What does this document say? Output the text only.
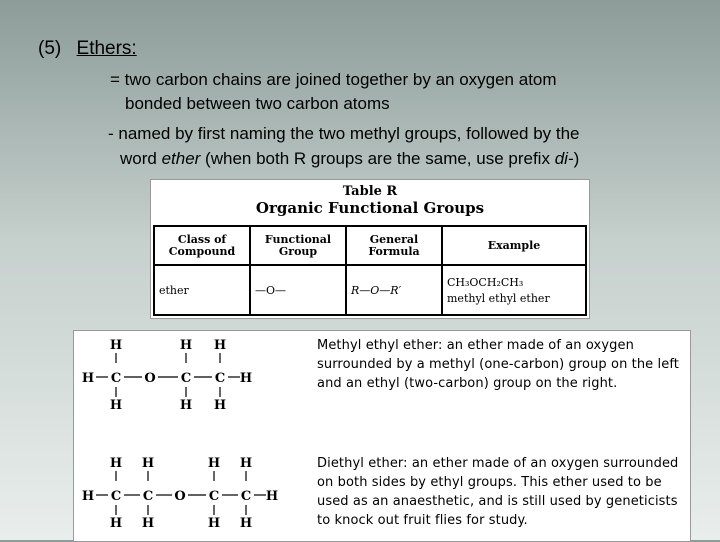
(5) Ethers:
= two carbon chains are joined together by an oxygen atom
bonded between two carbon atoms
- named by first naming the two methyl groups, followed by the
word ether (when both R groups are the same, use prefix di-)
Table R
Organic Functional Groups
Class of Compound	Functional Group	General Formula	Example
ether	—O—	R—O—R′	CH₃OCH₂CH₃
methyl ethyl ether
H
H
C
H
O
H
C
H
H
C
H
H
H
H
C
H
H
C
H
O
H
C
H
H
C
H
H
Methyl ethyl ether: an ether made of an oxygen surrounded by a methyl (one-carbon) group on the left and an ethyl (two-carbon) group on the right.
Diethyl ether: an ether made of an oxygen surrounded on both sides by ethyl groups. This ether used to be used as an anaesthetic, and is still used by geneticists to knock out fruit flies for study.
